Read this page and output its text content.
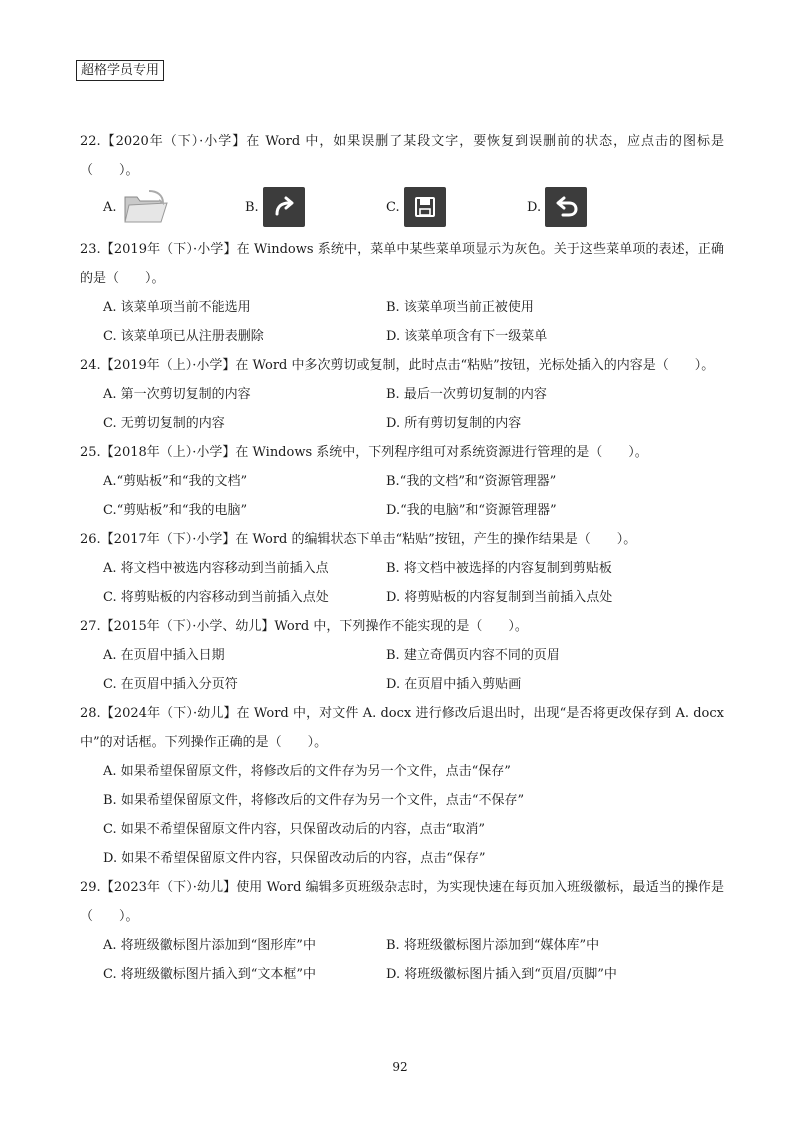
超格学员专用

22.【2020年（下）·小学】在 Word 中，如果误删了某段文字，要恢复到误删前的状态，应点击的图标是（　　）。

A.	B.	C.	D.

23.【2019年（下）·小学】在 Windows 系统中，菜单中某些菜单项显示为灰色。关于这些菜单项的表述，正确的是（　　）。

A. 该菜单项当前不能选用	B. 该菜单项当前正被使用
C. 该菜单项已从注册表删除	D. 该菜单项含有下一级菜单

24.【2019年（上）·小学】在 Word 中多次剪切或复制，此时点击“粘贴”按钮，光标处插入的内容是（　　）。

A. 第一次剪切复制的内容	B. 最后一次剪切复制的内容
C. 无剪切复制的内容	D. 所有剪切复制的内容

25.【2018年（上）·小学】在 Windows 系统中，下列程序组可对系统资源进行管理的是（　　）。

A.“剪贴板”和“我的文档”	B.“我的文档”和“资源管理器”
C.“剪贴板”和“我的电脑”	D.“我的电脑”和“资源管理器”

26.【2017年（下）·小学】在 Word 的编辑状态下单击“粘贴”按钮，产生的操作结果是（　　）。

A. 将文档中被选内容移动到当前插入点	B. 将文档中被选择的内容复制到剪贴板
C. 将剪贴板的内容移动到当前插入点处	D. 将剪贴板的内容复制到当前插入点处

27.【2015年（下）·小学、幼儿】Word 中，下列操作不能实现的是（　　）。

A. 在页眉中插入日期	B. 建立奇偶页内容不同的页眉
C. 在页眉中插入分页符	D. 在页眉中插入剪贴画

28.【2024年（下）·幼儿】在 Word 中，对文件 A. docx 进行修改后退出时，出现“是否将更改保存到 A. docx 中”的对话框。下列操作正确的是（　　）。

A. 如果希望保留原文件，将修改后的文件存为另一个文件，点击“保存”
B. 如果希望保留原文件，将修改后的文件存为另一个文件，点击“不保存”
C. 如果不希望保留原文件内容，只保留改动后的内容，点击“取消”
D. 如果不希望保留原文件内容，只保留改动后的内容，点击“保存”

29.【2023年（下）·幼儿】使用 Word 编辑多页班级杂志时，为实现快速在每页加入班级徽标，最适当的操作是（　　）。

A. 将班级徽标图片添加到“图形库”中	B. 将班级徽标图片添加到“媒体库”中
C. 将班级徽标图片插入到“文本框”中	D. 将班级徽标图片插入到“页眉/页脚”中
92
